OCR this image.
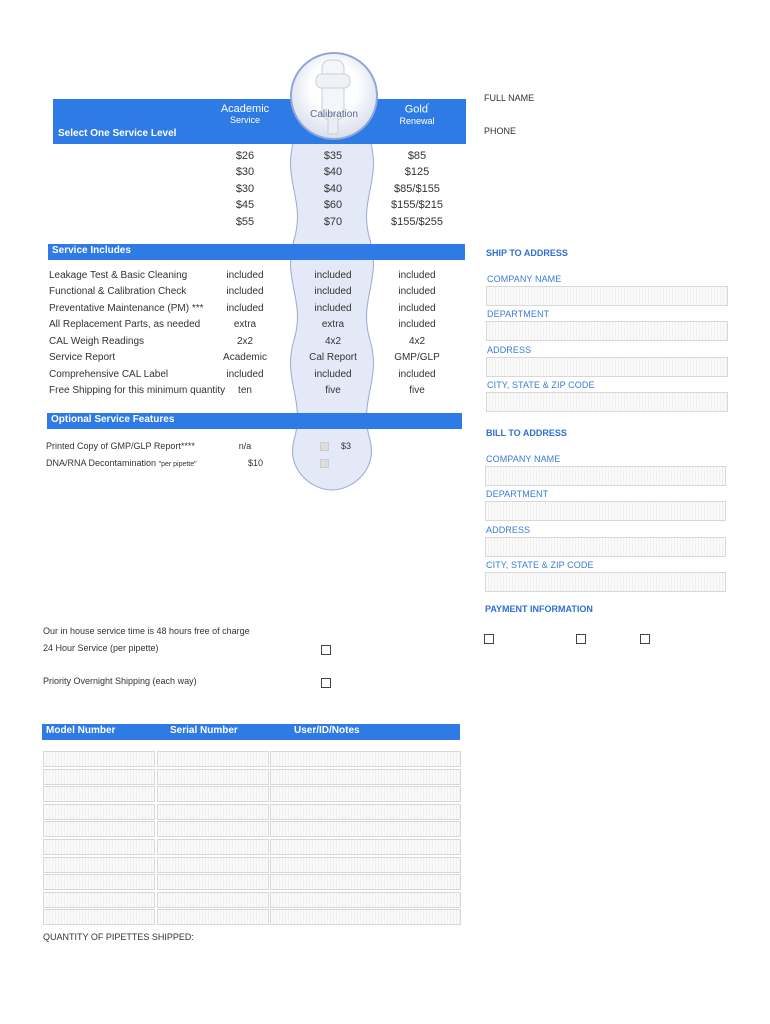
Academic
Service
Gold'
Renewal
Select One Service Level
Calibration
FULL NAME
PHONE
$26	$35	$85
$30	$40	$125
$30	$40	$85/$155
$45	$60	$155/$215
$55	$70	$155/$255
Service Includes
Leakage Test & Basic Cleaning	included	included	included
Functional & Calibration Check	included	included	included
Preventative Maintenance (PM) ***	included	included	included
All Replacement Parts, as needed	extra	extra	included
CAL Weigh Readings	2x2	4x2	4x2
Service Report	Academic	Cal Report	GMP/GLP
Comprehensive CAL Label	included	included	included
Free Shipping for this minimum quantity	ten	five	five
Optional Service Features
Printed Copy of GMP/GLP Report****	n/a	$3
DNA/RNA Decontamination "per pipette"	$10
SHIP TO ADDRESS
COMPANY NAME
DEPARTMENT
ADDRESS
CITY, STATE & ZIP CODE
BILL TO ADDRESS
COMPANY NAME
DEPARTMENT
ADDRESS
CITY, STATE & ZIP CODE
PAYMENT INFORMATION
Our in house service time is 48 hours free of charge
24 Hour Service (per pipette)
Priority Overnight Shipping (each way)
Model Number	Serial Number	User/ID/Notes
QUANTITY OF PIPETTES SHIPPED:
